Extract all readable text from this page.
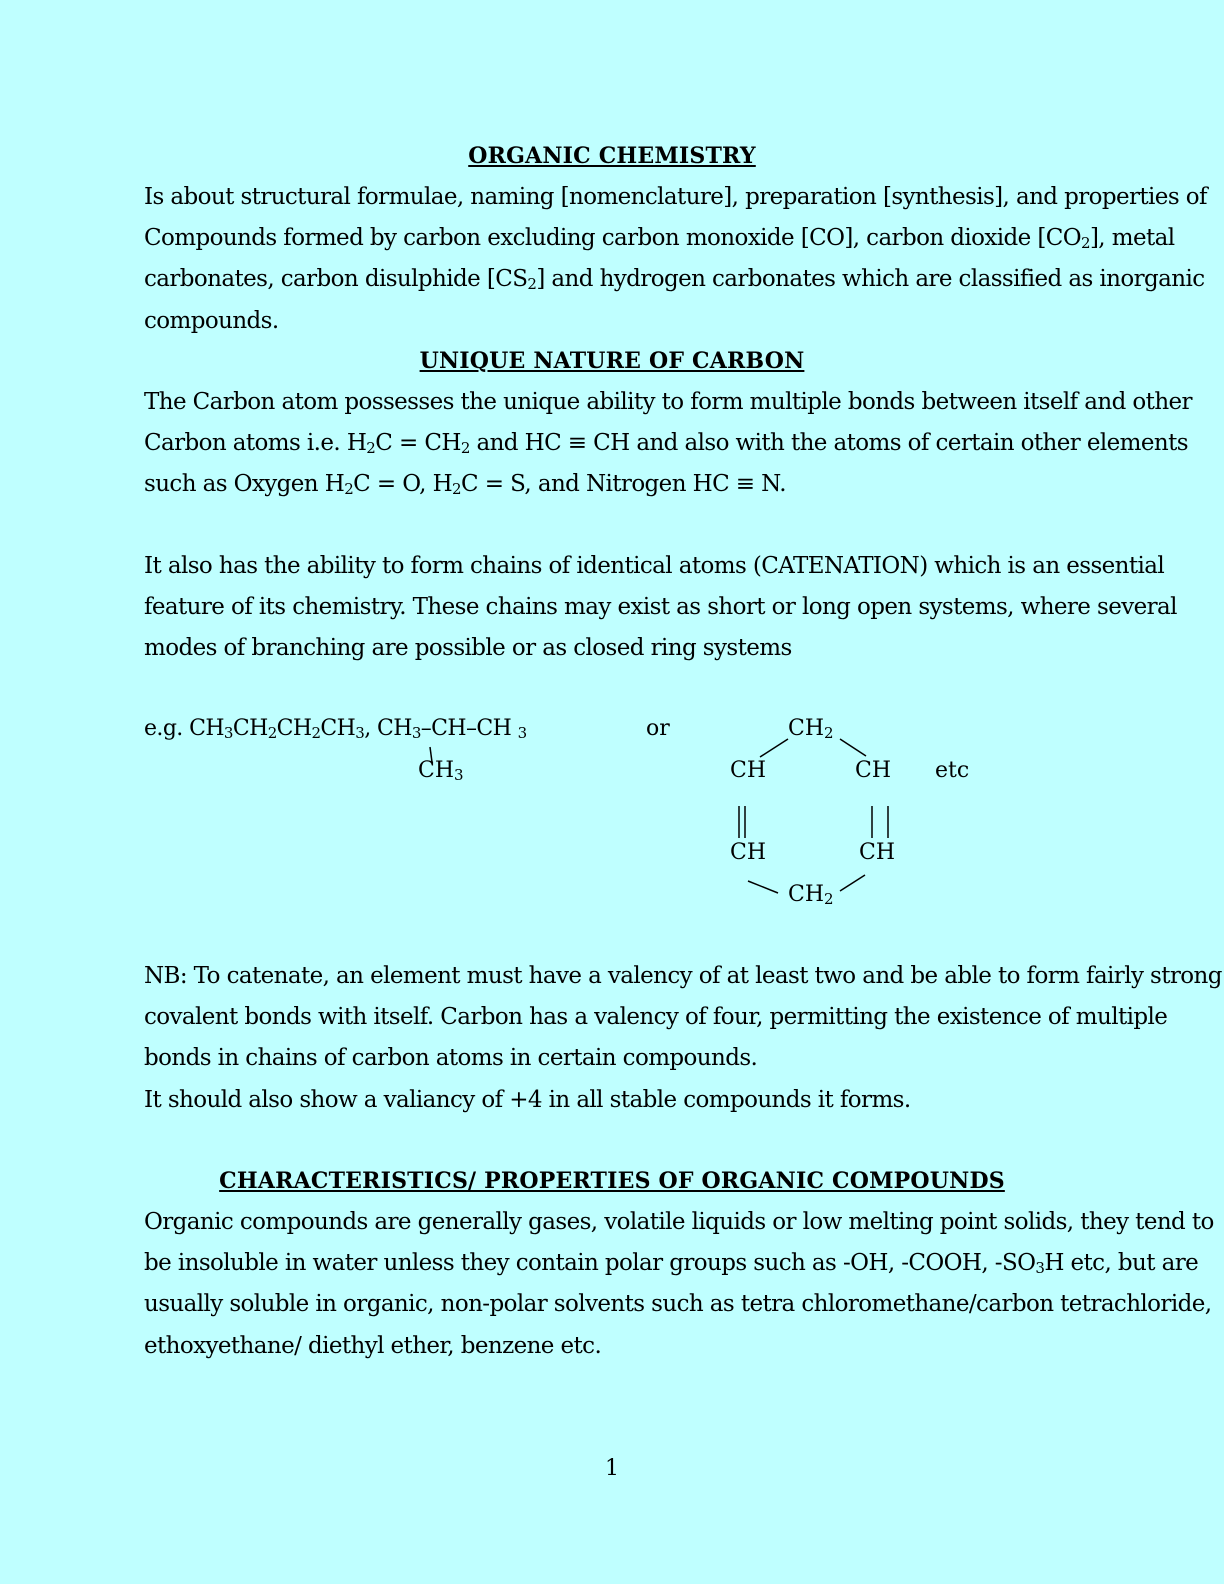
ORGANIC CHEMISTRY
Is about structural formulae, naming [nomenclature], preparation [synthesis], and properties of
Compounds formed by carbon excluding carbon monoxide [CO], carbon dioxide $[CO_2]$, metal
carbonates, carbon disulphide $[CS_2]$ and hydrogen carbonates which are classified as inorganic
compounds.
UNIQUE NATURE OF CARBON
The Carbon atom possesses the unique ability to form multiple bonds between itself and other
Carbon atoms i.e. $H_2C = CH_2$ and HC ≡ CH and also with the atoms of certain other elements
such as Oxygen $H_2C = O$, $H_2C = S$, and Nitrogen HC ≡ N.
It also has the ability to form chains of identical atoms (CATENATION) which is an essential
feature of its chemistry. These chains may exist as short or long open systems, where several
modes of branching are possible or as closed ring systems
e.g. $CH_3CH_2CH_2CH_3$, $CH_3-CH-CH$ $_3$
$CH_3$
or	$CH_2$
CH	CH etc
CH	CH
$CH_2$
NB: To catenate, an element must have a valency of at least two and be able to form fairly strong
covalent bonds with itself. Carbon has a valency of four, permitting the existence of multiple
bonds in chains of carbon atoms in certain compounds.
It should also show a valiancy of +4 in all stable compounds it forms.
CHARACTERISTICS/ PROPERTIES OF ORGANIC COMPOUNDS
Organic compounds are generally gases, volatile liquids or low melting point solids, they tend to
be insoluble in water unless they contain polar groups such as -OH, -COOH, $-SO_3H$ etc, but are
usually soluble in organic, non-polar solvents such as tetra chloromethane/carbon tetrachloride,
ethoxyethane/ diethyl ether, benzene etc.
1
